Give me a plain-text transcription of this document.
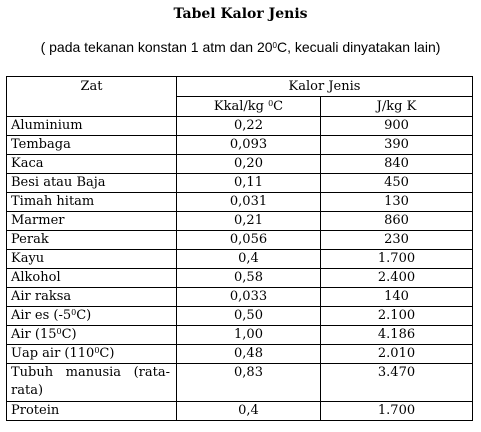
Tabel Kalor Jenis
( pada tekanan konstan 1 atm dan $20^0C$, kecuali dinyatakan lain)
Zat	Kalor Jenis	
	Kkal/kg $^0$C	J/kg K
Aluminium	0,22	900
Tembaga	0,093	390
Kaca	0,20	840
Besi atau Baja	0,11	450
Timah hitam	0,031	130
Marmer	0,21	860
Perak	0,056	230
Kayu	0,4	1.700
Alkohol	0,58	2.400
Air raksa	0,033	140
Air es $(-5^0C)$	0,50	2.100
Air $(15^0C)$	1,00	4.186
Uap air $(110^0C)$	0,48	2.010
Tubuh manusia (rata-rata)	0,83	3.470
Protein	0,4	1.700
